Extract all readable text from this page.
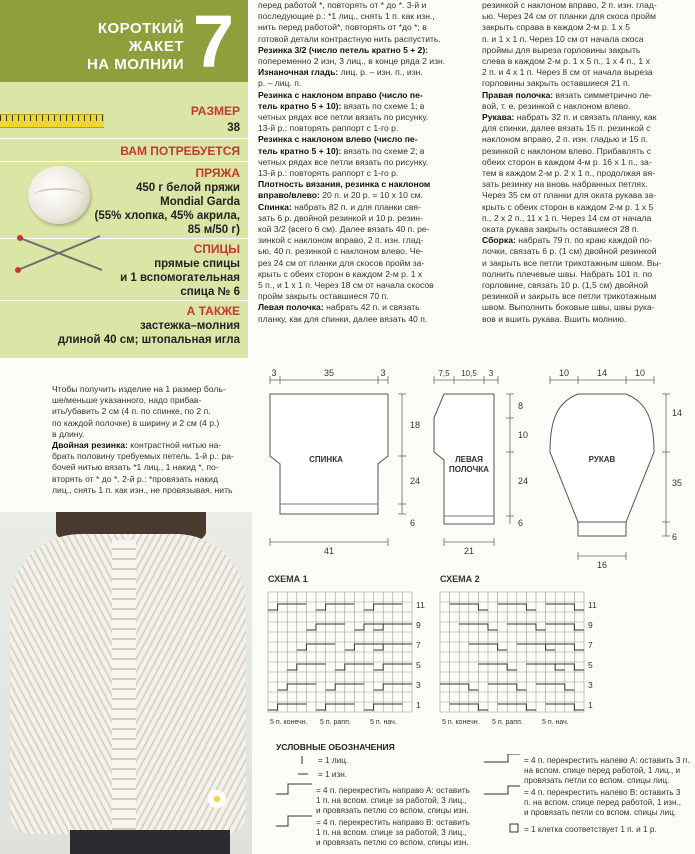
КОРОТКИЙ
ЖАКЕТ
НА МОЛНИИ 7
РАЗМЕР
38
ВАМ ПОТРЕБУЕТСЯ
ПРЯЖА
450 г белой пряжи
Mondial Garda
(55% хлопка, 45% акрила,
85 м/50 г)
СПИЦЫ
прямые спицы
и 1 вспомогательная
спица № 6
А ТАКЖЕ
застежка–молния
длиной 40 см; штопальная игла

Чтобы получить изделие на 1 размер боль-

ше/меньше указанного, надо прибав-

ить/убавить 2 см (4 п. по спинке, по 2 п.

по каждой полочке) в ширину и 2 см (4 р.)

в длину.

Двойная резинка: контрастной нитью на-

брать половину требуемых петель. 1-й р.: ра-

бочей нитью вязать *1 лиц., 1 накид *, по-

вторять от * до *. 2-й р.: *провязать накид

лиц., снять 1 п. как изн., не провязывая, нить

перед работой *, повторять от * до *. 3-й и

последующие р.: *1 лиц., снять 1 п. как изн.,

нить перед работой*, повторять от *до *; в

готовой детали контрастную нить распустить.

Резинка 3/2 (число петель кратно 5 + 2):

попеременно 2 изн, 3 лиц., в конце ряда 2 изн.

Изнаночная гладь: лиц. р. – изн. п., изн.

р. – лиц. п.

Резинка с наклоном вправо (число пе-

тель кратно 5 + 10): вязать по схеме 1; в

четных рядах все петли вязать по рисунку.

13-й р.: повторять раппорт с 1-го р.

Резинка с наклоном влево (число пе-

тель кратно 5 + 10): вязать по схеме 2; в

четных рядах все петли вязать по рисунку.

13-й р.: повторять раппорт с 1-го р.

Плотность вязания, резинка с наклоном

вправо/влево: 20 п. и 20 р. = 10 х 10 см.

Спинка: набрать 82 п. и для планки свя-

зать 6 р. двойной резинкой и 10 р. резин-

кой 3/2 (всего 6 см). Далее вязать 40 п. ре-

зинкой с наклоном вправо, 2 п. изн. глад-

ью, 40 п. резинкой с наклоном влево. Че-

рез 24 см от планки для скосов пройм за-

крыть с обеих сторон в каждом 2-м р. 1 х

5 п., и 1 х 1 п. Через 18 см от начала скосов

пройм закрыть оставшиеся 70 п.

Левая полочка: набрать 42 п. и связать

планку, как для спинки, далее вязать 40 п.

резинкой с наклоном вправо, 2 п. изн. глад-

ью. Через 24 см от планки для скоса пройм

закрыть справа в каждом 2-м р. 1 х 5

п. и 1 х 1 п. Через 10 см от начала скоса

проймы для выреза горловины закрыть

слева в каждом 2-м р. 1 х 5 п., 1 х 4 п., 1 х

2 п. и 4 х 1 п. Через 8 см от начала выреза

горловины закрыть оставшиеся 21 п.

Правая полочка: вязать симметрично ле-

вой, т. е. резинкой с наклоном влево.

Рукава: набрать 32 п. и связать планку, как

для спинки, далее вязать 15 п. резинкой с

наклоном вправо, 2 п. изн. гладью и 15 п.

резинкой с наклоном влево. Прибавлять с

обеих сторон в каждом 4-м р. 16 х 1 п., за-

тем в каждом 2-м р. 2 х 1 п., продолжая вя-

зать резинку на вновь набранных петлях.

Через 35 см от планки для оката рукава за-

крыть с обеих сторон в каждом 2-м р. 1 х 5

п., 2 х 2 п., 11 х 1 п. Через 14 см от начала

оката рукава закрыть оставшиеся 28 п.

Сборка: набрать 79 п. по краю каждой по-

лочки, связать 6 р. (1 см) двойной резинкой

и закрыть все петли трикотажным швом. Вы-

полнить плечевые швы. Набрать 101 п. по

горловине, связать 10 р. (1,5 см) двойной

резинкой и закрыть все петли трикотажным

швом. Выполнить боковые швы, швы рука-

вов и вшить рукава. Вшить молнию.

СПИНКА	ЛЕВАЯ
ПОЛОЧКА
РУКАВ
3	35	3
18
24
6
41
7,5 10,5 3
8
10
24
6
21
10	14	10
14
35
6
16
СХЕМА 1	СХЕМА 2
11
9
7
5
3
1
11
9
7
5
3
1
5 п. конечн. 5 п. рапп.	5 п. нач.	5 п. конечн. 5 п. рапп.	5 п. нач.
УСЛОВНЫЕ ОБОЗНАЧЕНИЯ
= 1 лиц.
= 1 изн.
= 4 п. перекрестить направо А: оставить
1 п. на вспом. спице за работой, 3 лиц.,
и провязать петлю со вспом. спицы изн.
= 4 п. перекрестить направо В: оставить
1 п. на вспом. спице за работой, 3 лиц.,
и провязать петлю со вспом. спицы изн.
= 4 п. перекрестить налево А: оставить 3 п.
на вспом. спице перед работой, 1 лиц., и
провязать петли со вспом. спицы лиц.
= 4 п. перекрестить налево В: оставить 3
п. на вспом. спице перед работой, 1 изн.,
и провязать петли со вспом. спицы лиц.
= 1 клетка соответствует 1 п. и 1 р.
